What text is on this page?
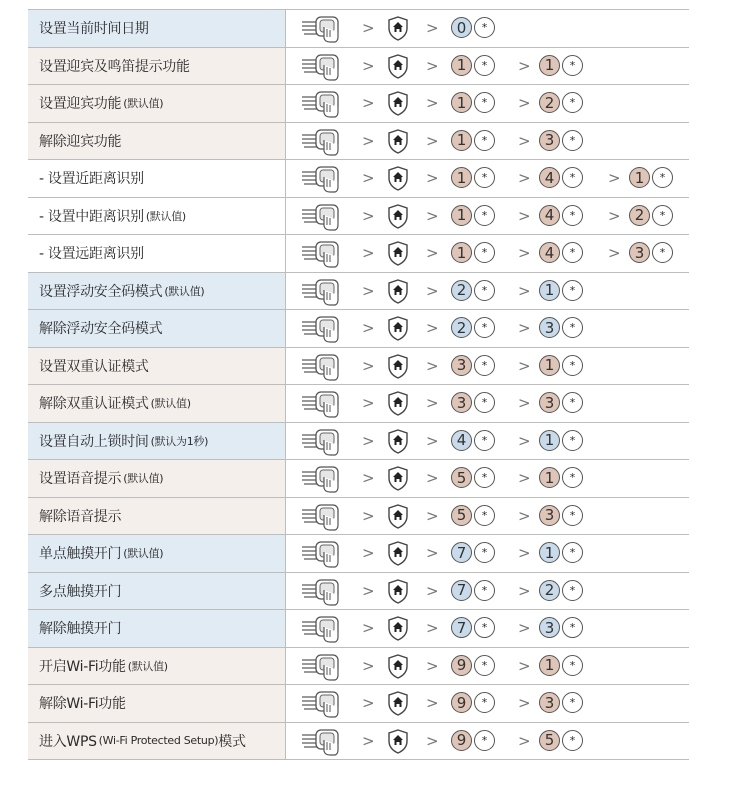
设置当前时间日期	>	>	0	*
设置迎宾及鸣笛提示功能	>	>	1	*	> 1	*
设置迎宾功能 (默认值)	>	>	1	*	> 2	*
解除迎宾功能	>	>	1	*	> 3	*
- 设置近距离识别	>	>	1	*	> 4	*	> 1	*
- 设置中距离识别 (默认值)	>	>	1	*	> 4	*	> 2	*
- 设置远距离识别	>	>	1	*	> 4	*	> 3	*
设置浮动安全码模式 (默认值)	>	>	2	*	> 1	*
解除浮动安全码模式	>	>	2	*	> 3	*
设置双重认证模式	>	>	3	*	> 1	*
解除双重认证模式 (默认值)	>	>	3	*	> 3	*
设置自动上锁时间 (默认为1秒)	>	>	4	*	> 1	*
设置语音提示 (默认值)	>	>	5	*	> 1	*
解除语音提示	>	>	5	*	> 3	*
单点触摸开门 (默认值)	>	>	7	*	> 1	*
多点触摸开门	>	>	7	*	> 2	*
解除触摸开门	>	>	7	*	> 3	*
开启Wi-Fi功能 (默认值)	>	>	9	*	> 1	*
解除Wi-Fi功能	>	>	9	*	> 3	*
进入WPS (Wi-Fi Protected Setup) 模式	>	>	9	*	> 5	*
